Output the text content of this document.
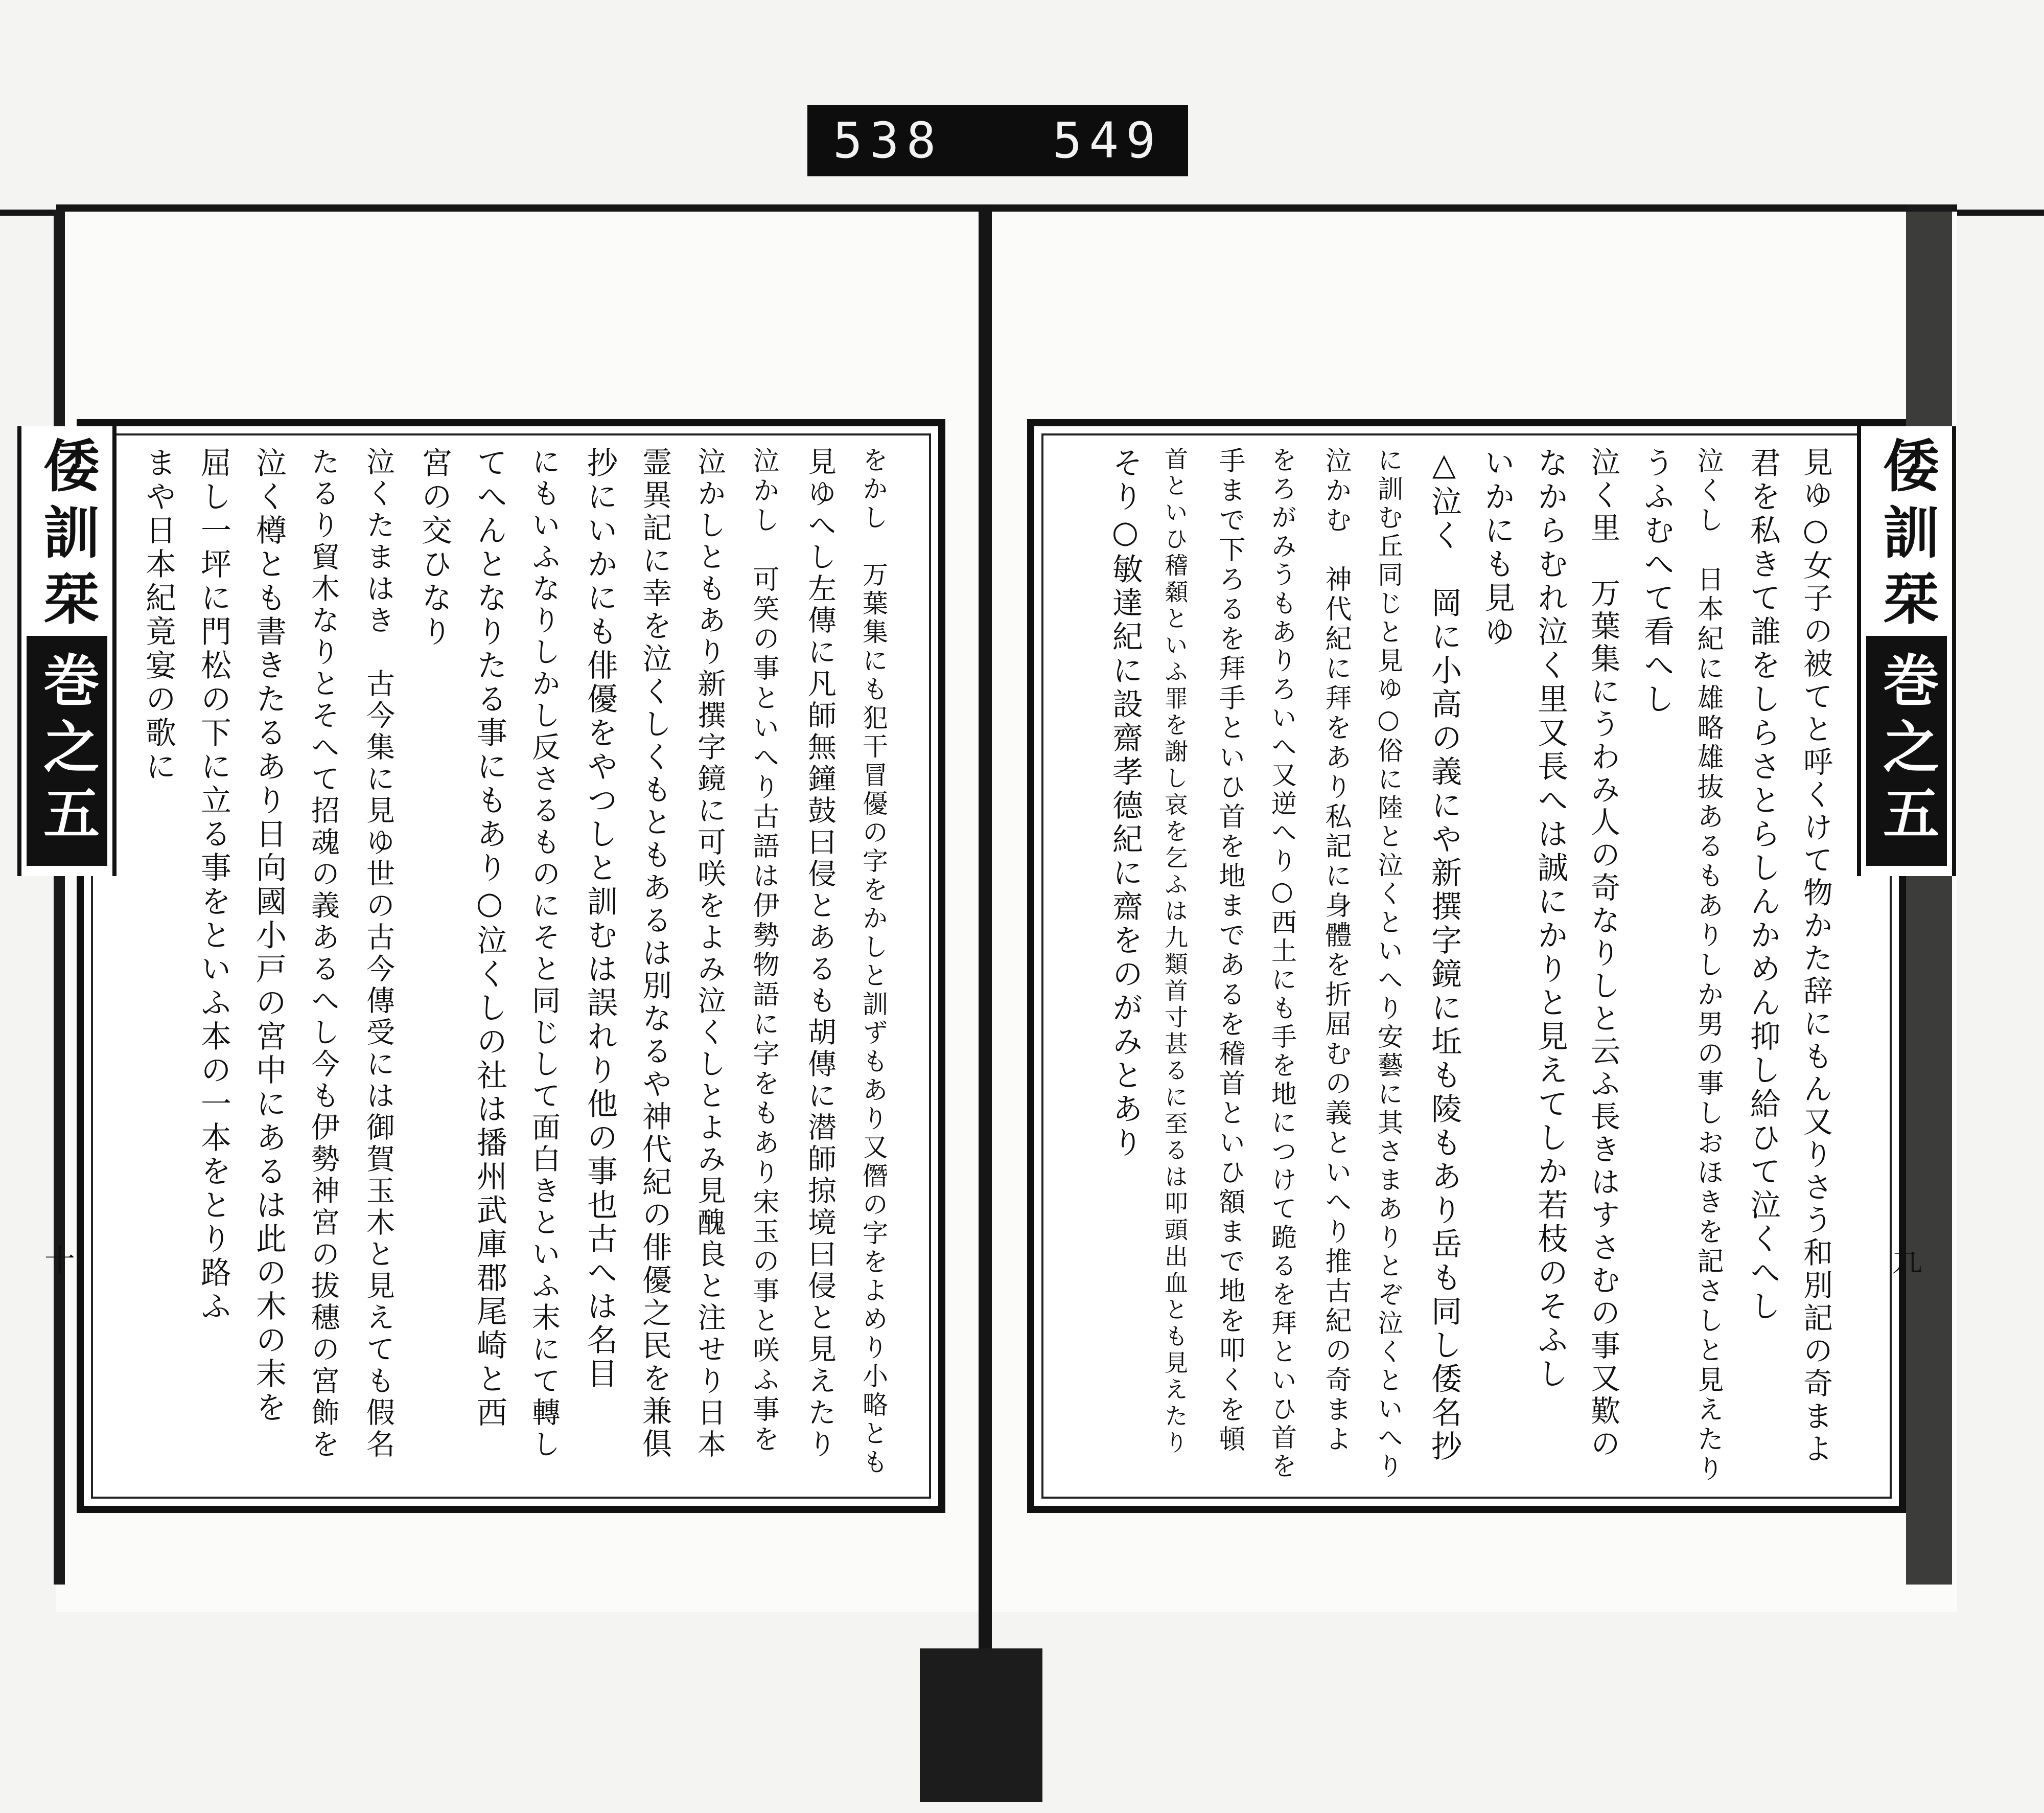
538 549
をかし　万葉集にも犯干冒優の字をかしと訓ずもあり又僭の字をよめり小略とも
見ゆへし左傳に凡師無鐘鼓曰侵とあるも胡傳に潜師掠境曰侵と見えたり
泣かし　可笑の事といへり古語は伊勢物語に字をもあり宋玉の事と咲ふ事を
泣かしともあり新撰字鏡に可咲をよみ泣くしとよみ見醜良と注せり日本
霊異記に幸を泣くしくもともあるは別なるや神代紀の俳優之民を兼俱
抄にいかにも俳優をやつしと訓むは誤れり他の事也古へは名目
にもいふなりしかし反さるものにそと同じして面白きといふ末にて轉し
てへんとなりたる事にもあり○泣くしの社は播州武庫郡尾崎と西
宮の交ひなり
泣くたまはき　古今集に見ゆ世の古今傳受には御賀玉木と見えても假名
たるり貿木なりとそへて招魂の義あるへし今も伊勢神宮の拔穗の宮飾を
泣く樽とも書きたるあり日向國小戸の宮中にあるは此の木の末を
屈し一坪に門松の下に立る事をといふ本の一本をとり路ふ
まや日本紀竟宴の歌に
倭訓栞巻之五
十	見ゆ○女子の被てと呼くけて物かた辞にもん又りさう和別記の奇まよ
君を私きて誰をしらさとらしんかめん抑し給ひて泣くへし
泣くし　日本紀に雄略雄抜あるもありしか男の事しおほきを記さしと見えたり
うふむへて看へし
泣く里　万葉集にうわみ人の奇なりしと云ふ長きはすさむの事又歎の
なからむれ泣く里又長へは誠にかりと見えてしか若枝のそふし
いかにも見ゆ
△泣く　岡に小高の義にや新撰字鏡に坵も陵もあり岳も同し倭名抄
に訓む丘同じと見ゆ○俗に陸と泣くといへり安藝に其さまありとぞ泣くといへり
泣かむ　神代紀に拜をあり私記に身體を折屈むの義といへり推古紀の奇まよ
をろがみうもありろいへ又逆へり○西土にも手を地につけて跪るを拜といひ首を
手まで下ろるを拜手といひ首を地まであるを稽首といひ額まで地を叩くを頓
首といひ稽顙といふ罪を謝し哀を乞ふは九類首寸甚るに至るは叩頭出血とも見えたり
そり○敏達紀に設齋孝德紀に齋をのがみとあり	倭訓栞巻之五
九
